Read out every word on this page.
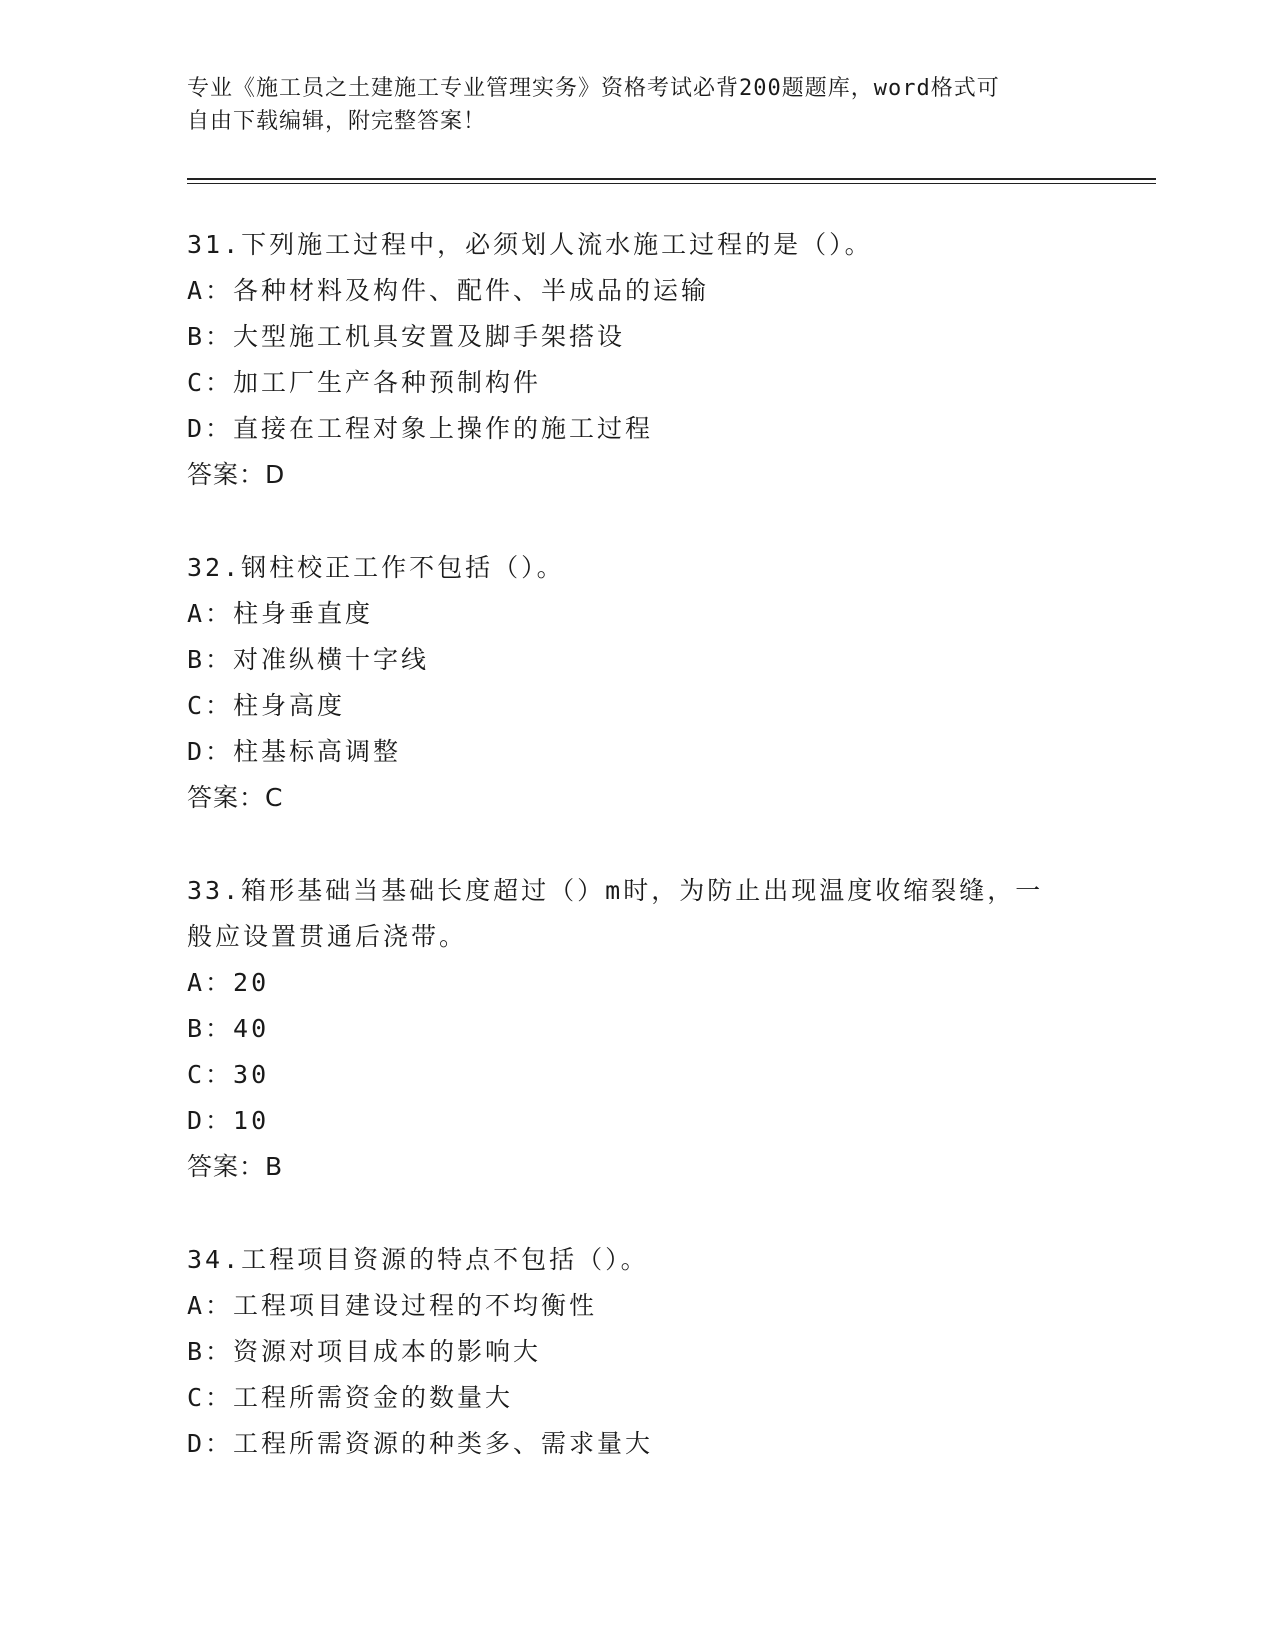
专业《施工员之土建施工专业管理实务》资格考试必背200题题库，word格式可
自由下载编辑，附完整答案！
31.下列施工过程中，必须划人流水施工过程的是（）。
A：各种材料及构件、配件、半成品的运输
B：大型施工机具安置及脚手架搭设
C：加工厂生产各种预制构件
D：直接在工程对象上操作的施工过程
答案：D
32.钢柱校正工作不包括（）。
A：柱身垂直度
B：对准纵横十字线
C：柱身高度
D：柱基标高调整
答案：C
33.箱形基础当基础长度超过（）m时，为防止出现温度收缩裂缝，一
般应设置贯通后浇带。
A：20
B：40
C：30
D：10
答案：B
34.工程项目资源的特点不包括（）。
A：工程项目建设过程的不均衡性
B：资源对项目成本的影响大
C：工程所需资金的数量大
D：工程所需资源的种类多、需求量大
